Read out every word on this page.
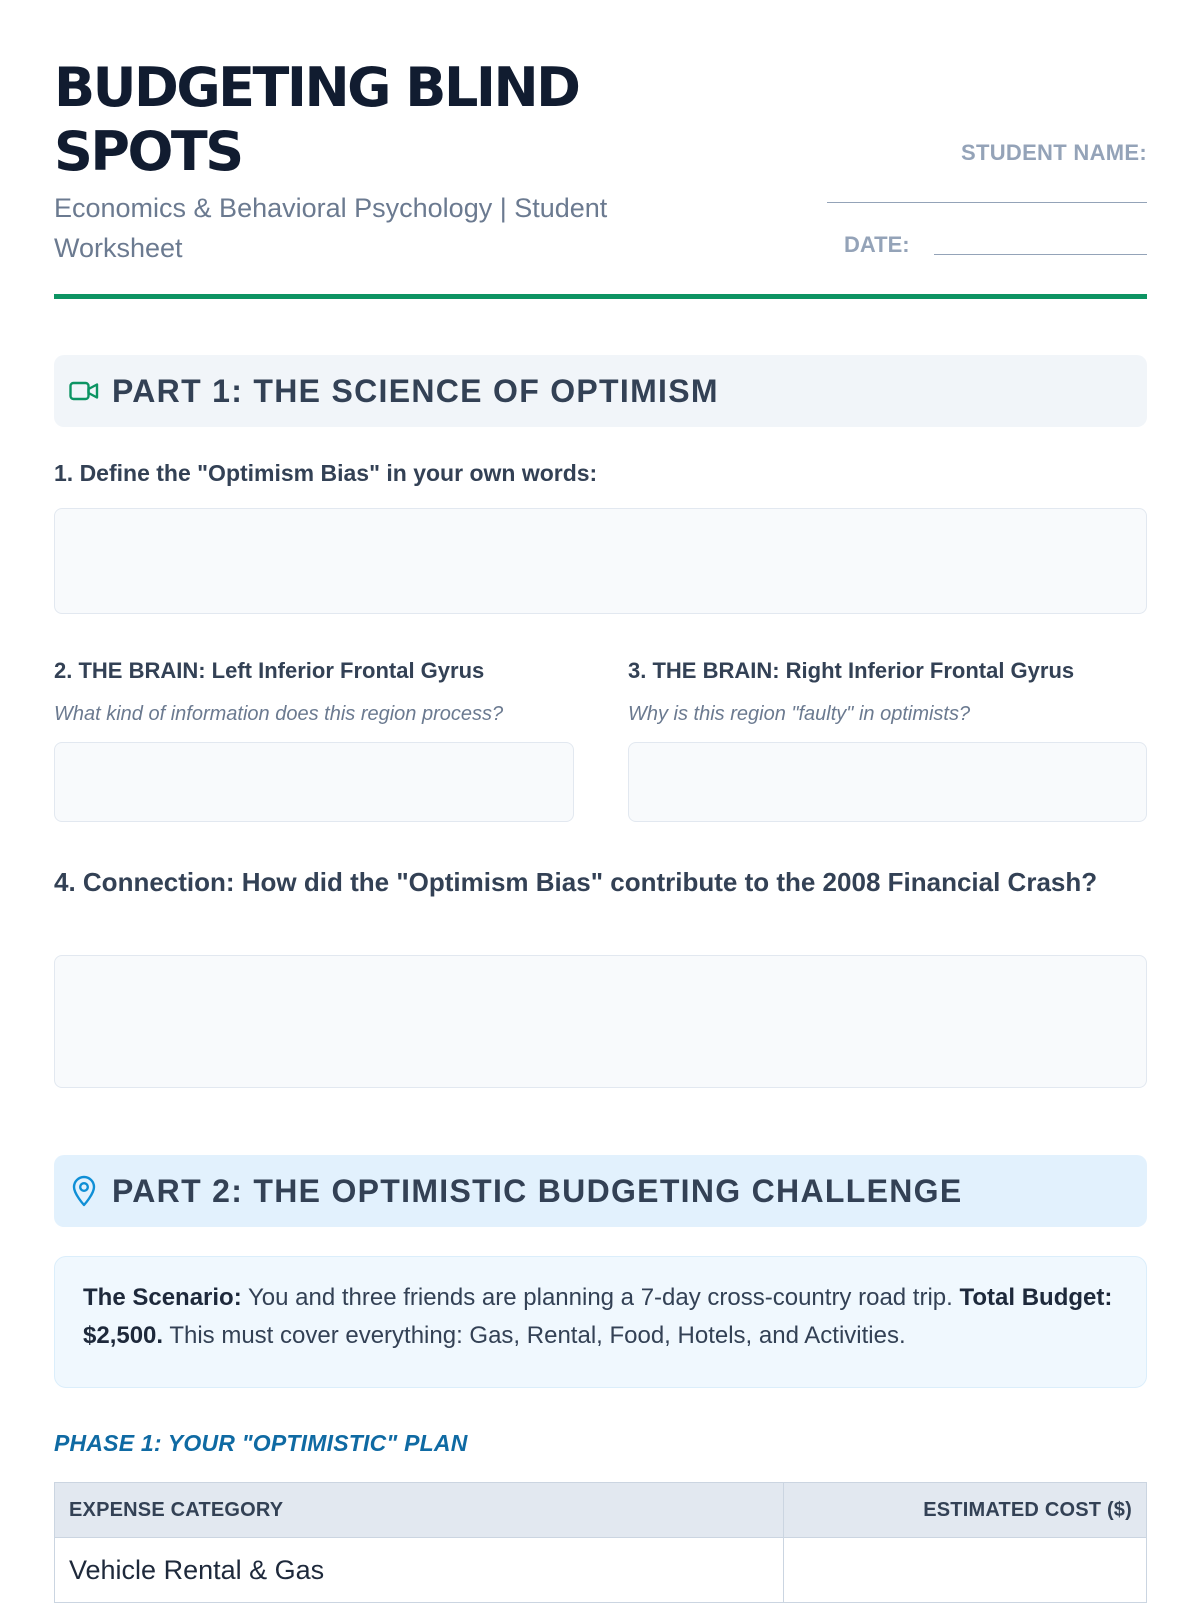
BUDGETING BLIND SPOTS
Economics & Behavioral Psychology | Student Worksheet
STUDENT NAME:
DATE:
PART 1: THE SCIENCE OF OPTIMISM
1. Define the "Optimism Bias" in your own words:
2. THE BRAIN: Left Inferior Frontal Gyrus
What kind of information does this region process?
3. THE BRAIN: Right Inferior Frontal Gyrus
Why is this region "faulty" in optimists?
4. Connection: How did the "Optimism Bias" contribute to the 2008 Financial Crash?
PART 2: THE OPTIMISTIC BUDGETING CHALLENGE
The Scenario: You and three friends are planning a 7-day cross-country road trip. Total Budget: $2,500. This must cover everything: Gas, Rental, Food, Hotels, and Activities.
PHASE 1: YOUR "OPTIMISTIC" PLAN
EXPENSE CATEGORY	ESTIMATED COST ($)
Vehicle Rental & Gas	
